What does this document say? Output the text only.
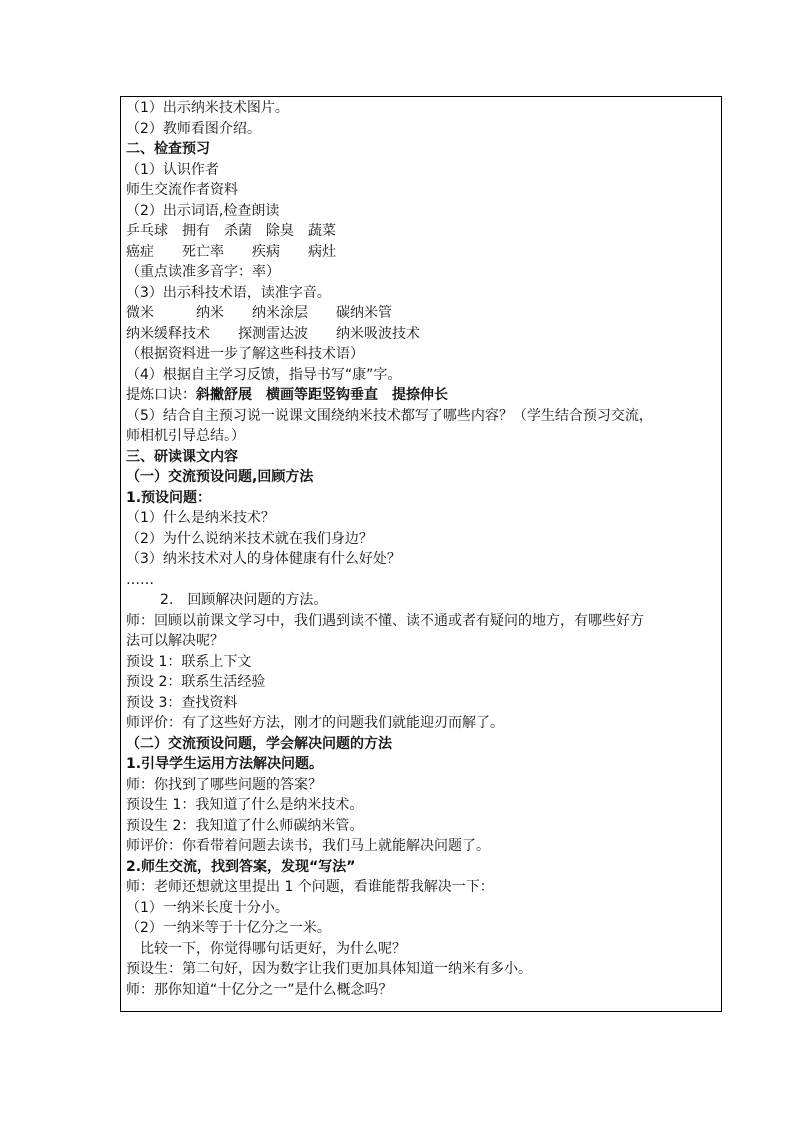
（1）出示纳米技术图片。
（2）教师看图介绍。
二、检查预习
（1）认识作者
师生交流作者资料
（2）出示词语,检查朗读
乒乓球　拥有　杀菌　除臭　蔬菜
癌症　　死亡率　　疾病　　病灶
（重点读准多音字：率）
（3）出示科技术语，读准字音。
微米　　　纳米　　纳米涂层　　碳纳米管
纳米缓释技术　　探测雷达波　　纳米吸波技术
（根据资料进一步了解这些科技术语）
（4）根据自主学习反馈，指导书写“康”字。
提炼口诀：斜撇舒展　横画等距竖钩垂直　提捺伸长
（5）结合自主预习说一说课文围绕纳米技术都写了哪些内容？（学生结合预习交流，
师相机引导总结。）
三、研读课文内容
（一）交流预设问题,回顾方法
1.预设问题：
（1）什么是纳米技术？
（2）为什么说纳米技术就在我们身边？
（3）纳米技术对人的身体健康有什么好处？
……
2.　回顾解决问题的方法。
师：回顾以前课文学习中，我们遇到读不懂、读不通或者有疑问的地方，有哪些好方
法可以解决呢？
预设 1：联系上下文
预设 2：联系生活经验
预设 3：查找资料
师评价：有了这些好方法，刚才的问题我们就能迎刃而解了。
（二）交流预设问题，学会解决问题的方法
1.引导学生运用方法解决问题。
师：你找到了哪些问题的答案？
预设生 1：我知道了什么是纳米技术。
预设生 2：我知道了什么师碳纳米管。
师评价：你看带着问题去读书，我们马上就能解决问题了。
2.师生交流，找到答案，发现“写法”
师：老师还想就这里提出 1 个问题，看谁能帮我解决一下：
（1）一纳米长度十分小。
（2）一纳米等于十亿分之一米。
　比较一下，你觉得哪句话更好，为什么呢？
预设生：第二句好，因为数字让我们更加具体知道一纳米有多小。
师：那你知道“十亿分之一”是什么概念吗？
